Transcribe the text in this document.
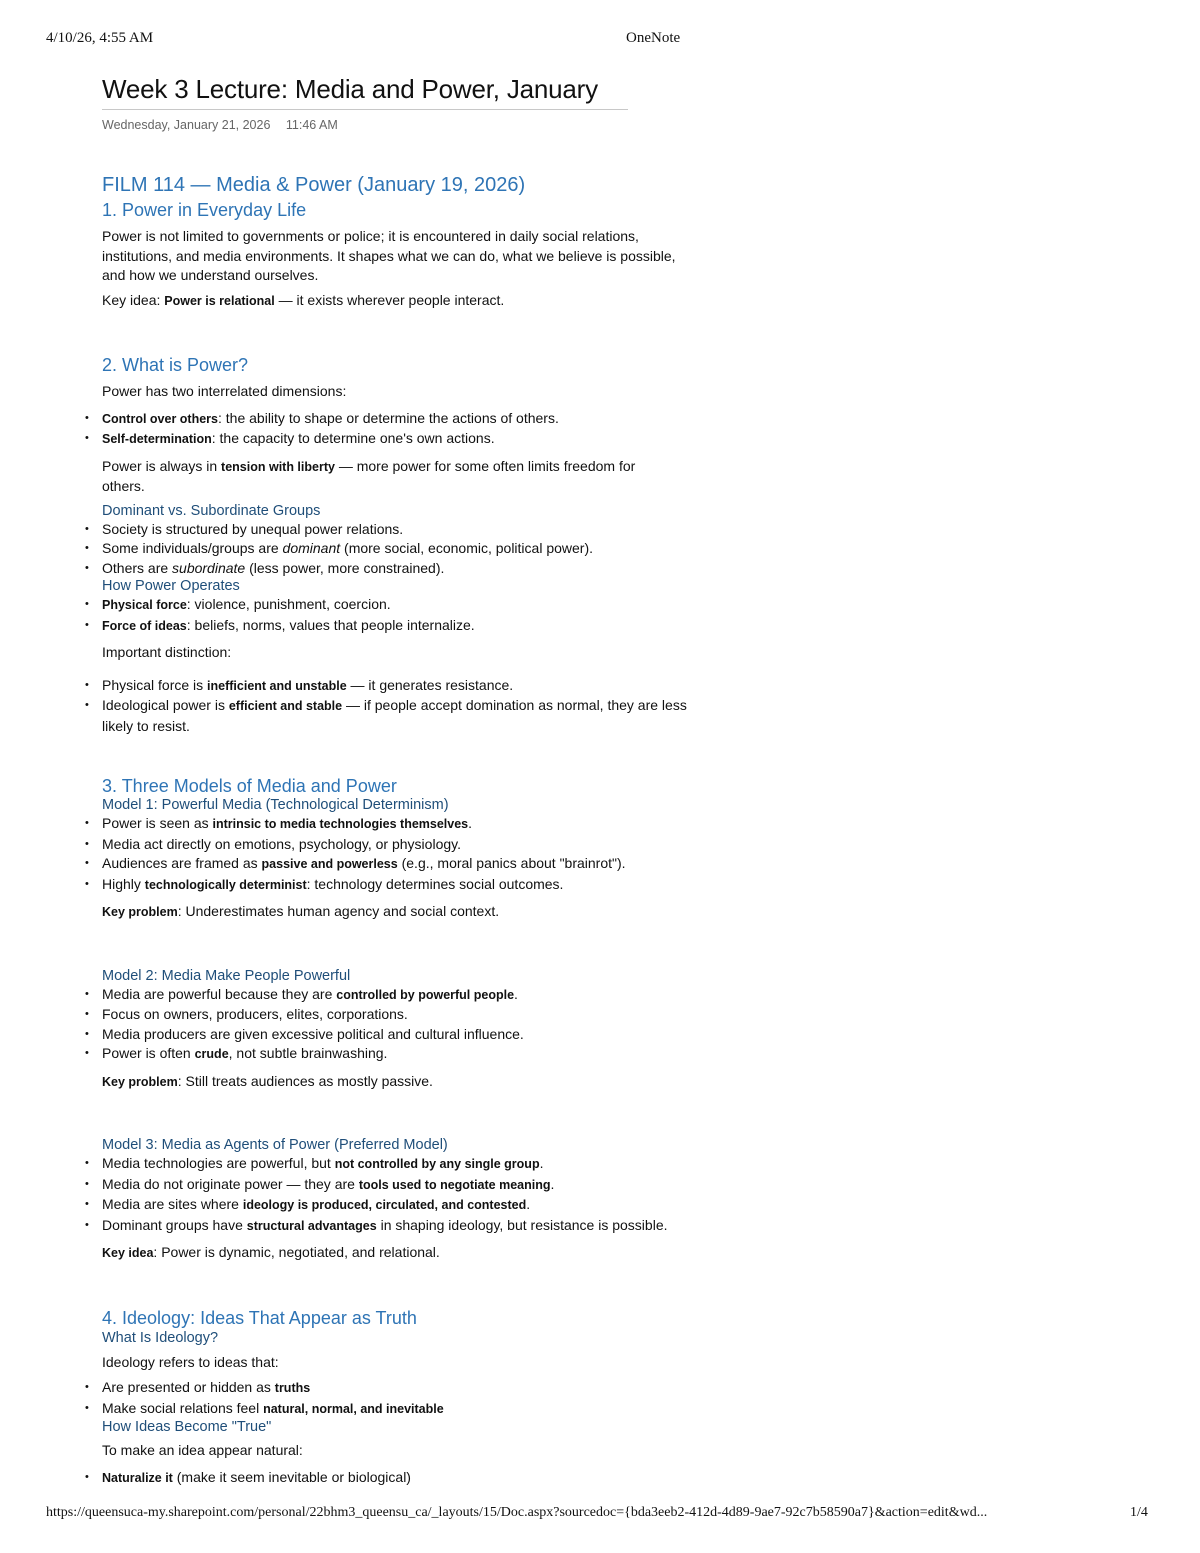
4/10/26, 4:55 AM	OneNote
Week 3 Lecture: Media and Power, January
Wednesday, January 21, 2026 11:46 AM
FILM 114 — Media & Power (January 19, 2026)
1. Power in Everyday Life

Power is not limited to governments or police; it is encountered in daily social relations, institutions, and media environments. It shapes what we can do, what we believe is possible, and how we understand ourselves.

Key idea: Power is relational — it exists wherever people interact.

2. What is Power?

Power has two interrelated dimensions:

• Control over others: the ability to shape or determine the actions of others.
• Self-determination: the capacity to determine one's own actions.

Power is always in tension with liberty — more power for some often limits freedom for others.

Dominant vs. Subordinate Groups
• Society is structured by unequal power relations.
• Some individuals/groups are dominant (more social, economic, political power).
• Others are subordinate (less power, more constrained).
How Power Operates
• Physical force: violence, punishment, coercion.
• Force of ideas: beliefs, norms, values that people internalize.

Important distinction:

• Physical force is inefficient and unstable — it generates resistance.
• Ideological power is efficient and stable — if people accept domination as normal, they are less likely to resist.
3. Three Models of Media and Power
Model 1: Powerful Media (Technological Determinism)
• Power is seen as intrinsic to media technologies themselves.
• Media act directly on emotions, psychology, or physiology.
• Audiences are framed as passive and powerless (e.g., moral panics about "brainrot").
• Highly technologically determinist: technology determines social outcomes.

Key problem: Underestimates human agency and social context.

Model 2: Media Make People Powerful
• Media are powerful because they are controlled by powerful people.
• Focus on owners, producers, elites, corporations.
• Media producers are given excessive political and cultural influence.
• Power is often crude, not subtle brainwashing.

Key problem: Still treats audiences as mostly passive.

Model 3: Media as Agents of Power (Preferred Model)
• Media technologies are powerful, but not controlled by any single group.
• Media do not originate power — they are tools used to negotiate meaning.
• Media are sites where ideology is produced, circulated, and contested.
• Dominant groups have structural advantages in shaping ideology, but resistance is possible.

Key idea: Power is dynamic, negotiated, and relational.

4. Ideology: Ideas That Appear as Truth
What Is Ideology?

Ideology refers to ideas that:

• Are presented or hidden as truths
• Make social relations feel natural, normal, and inevitable
How Ideas Become "True"

To make an idea appear natural:

• Naturalize it (make it seem inevitable or biological)
https://queensuca-my.sharepoint.com/personal/22bhm3_queensu_ca/_layouts/15/Doc.aspx?sourcedoc={bda3eeb2-412d-4d89-9ae7-92c7b58590a7}&action=edit&wd...	1/4
